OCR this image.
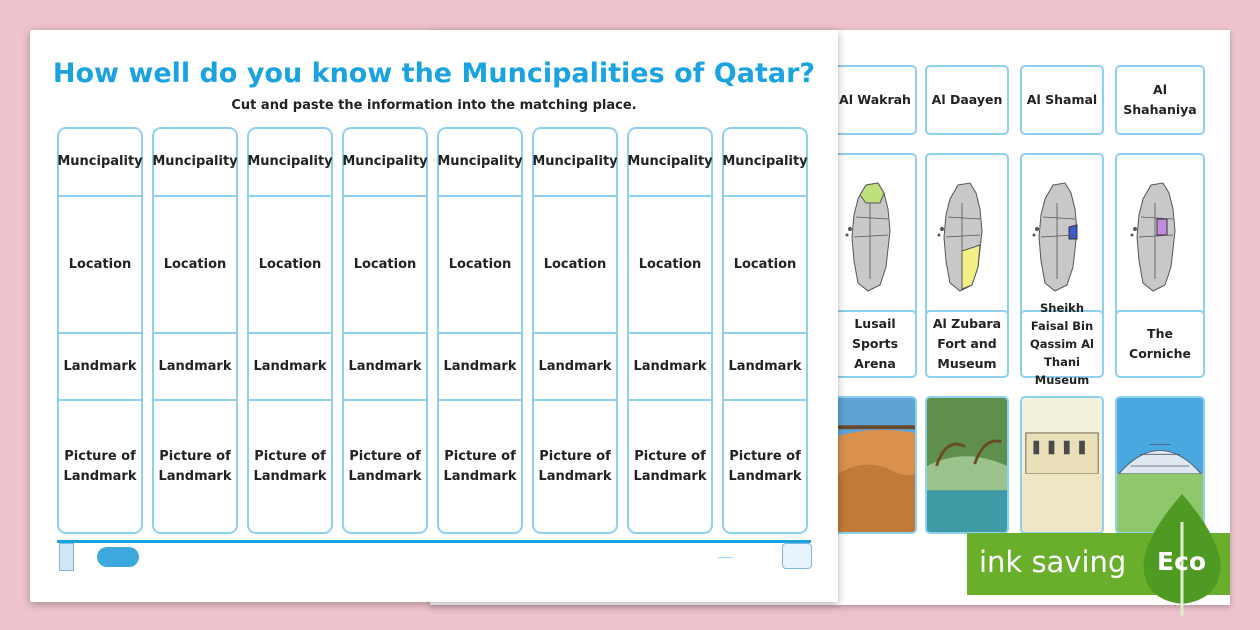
Al Wakrah Al Daayen Al Shamal
Al Shahaniya
Lusail Sports Arena
Al Zubara Fort and Museum
Sheikh Faisal Bin Qassim Al Thani Museum
The Corniche
How well do you know the Muncipalities of Qatar?
Cut and paste the information into the matching place.
Muncipality
Location
Landmark
Picture of Landmark
Muncipality
Location
Landmark
Picture of Landmark
Muncipality
Location
Landmark
Picture of Landmark
Muncipality
Location
Landmark
Picture of Landmark
Muncipality
Location
Landmark
Picture of Landmark
Muncipality
Location
Landmark
Picture of Landmark
Muncipality
Location
Landmark
Picture of Landmark
Muncipality
Location
Landmark
Picture of Landmark
────	ink saving Eco
